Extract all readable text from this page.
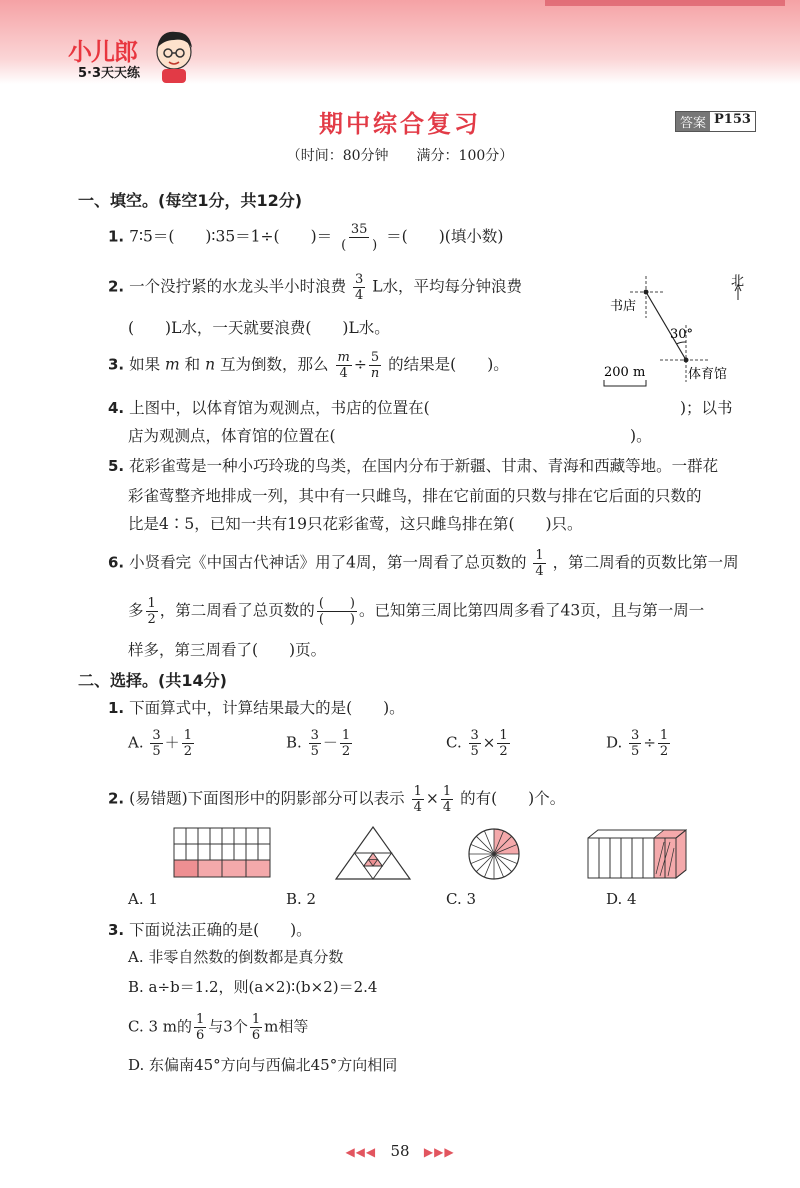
小儿郎
5·3天天练
期中综合复习	答案 P153
（时间：80分钟　　满分：100分）
一、填空。(每空1分，共12分)
1. 7∶5＝(　　)∶35＝1÷(　　)＝ $\frac{35}{( )}$ ＝(　　)(填小数)
2. 一个没拧紧的水龙头半小时浪费 $\frac{3}{4}$ L水，平均每分钟浪费
(　　)L水，一天就要浪费(　　)L水。
3. 如果 m 和 n 互为倒数，那么 $\frac{m}{4} \div \frac{5}{n}$ 的结果是(　　)。
北
书店
30°
200 m	体育馆
4. 上图中，以体育馆为观测点，书店的位置在(	)；以书
店为观测点，体育馆的位置在(　　　　　　　　　　　　　　　　　　　)。
5. 花彩雀莺是一种小巧玲珑的鸟类，在国内分布于新疆、甘肃、青海和西藏等地。一群花
彩雀莺整齐地排成一列，其中有一只雌鸟，排在它前面的只数与排在它后面的只数的
比是4∶5，已知一共有19只花彩雀莺，这只雌鸟排在第(　　)只。
6. 小贤看完《中国古代神话》用了4周，第一周看了总页数的 $\frac{1}{4}$ ，第二周看的页数比第一周
多 $\frac{1}{2}$ ，第二周看了总页数的 $\frac{( )}{( )}$ 。已知第三周比第四周多看了43页，且与第一周一
样多，第三周看了(　　)页。
二、选择。(共14分)
1. 下面算式中，计算结果最大的是(　　)。
A. $\frac{3}{5} + \frac{1}{2}$	B. $\frac{3}{5} - \frac{1}{2}$	C. $\frac{3}{5} \times \frac{1}{2}$	D. $\frac{3}{5} \div \frac{1}{2}$
2. (易错题)下面图形中的阴影部分可以表示 $\frac{1}{4} \times \frac{1}{4}$ 的有(　　)个。
A. 1	B. 2	C. 3	D. 4
3. 下面说法正确的是(　　)。
A. 非零自然数的倒数都是真分数
B. a÷b＝1.2，则(a×2)∶(b×2)＝2.4
C. 3 m的 $\frac{1}{6}$ 与3个 $\frac{1}{6}$ m相等
D. 东偏南45°方向与西偏北45°方向相同
◀◀◀ 58 ▶▶▶
